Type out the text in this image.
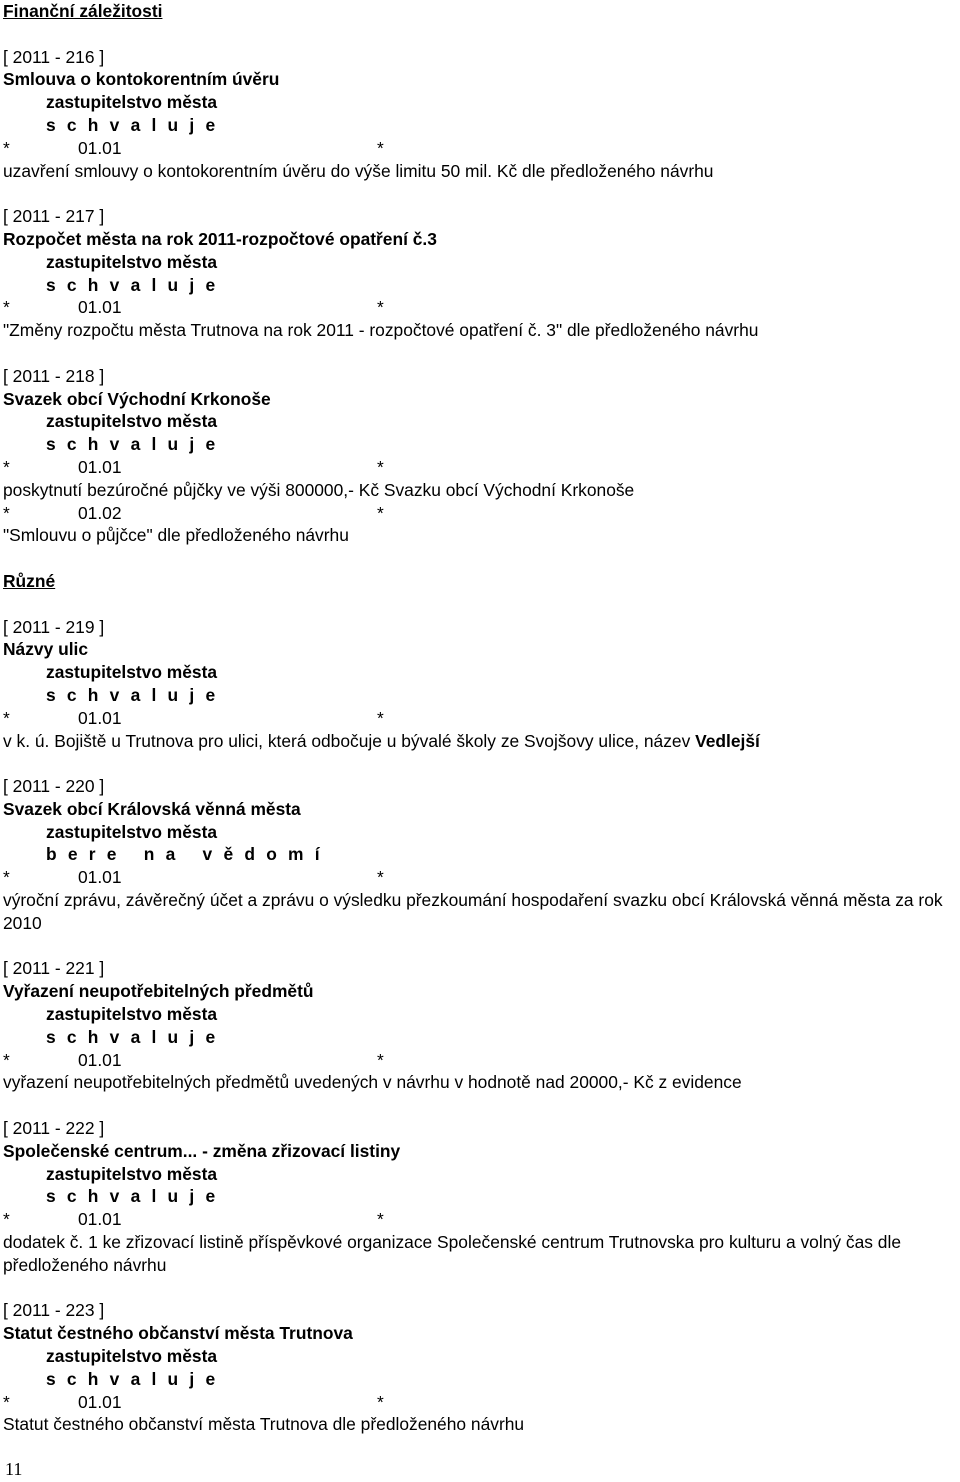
Finanční záležitosti
[ 2011 - 216 ]
Smlouva o kontokorentním úvěru
zastupitelstvo města
s c h v a l u j e
*	01.01	*
uzavření smlouvy o kontokorentním úvěru do výše limitu 50 mil. Kč dle předloženého návrhu
[ 2011 - 217 ]
Rozpočet města na rok 2011-rozpočtové opatření č.3
zastupitelstvo města
s c h v a l u j e
*	01.01	*
"Změny rozpočtu města Trutnova na rok 2011 - rozpočtové opatření č. 3" dle předloženého návrhu
[ 2011 - 218 ]
Svazek obcí Východní Krkonoše
zastupitelstvo města
s c h v a l u j e
*	01.01	*
poskytnutí bezúročné půjčky ve výši 800000,- Kč Svazku obcí Východní Krkonoše
*	01.02	*
"Smlouvu o půjčce" dle předloženého návrhu
Různé
[ 2011 - 219 ]
Názvy ulic
zastupitelstvo města
s c h v a l u j e
*	01.01	*
v k. ú. Bojiště u Trutnova pro ulici, která odbočuje u bývalé školy ze Svojšovy ulice, název Vedlejší
[ 2011 - 220 ]
Svazek obcí Královská věnná města
zastupitelstvo města
b e r e   n a   v ě d o m í
*	01.01	*
výroční zprávu, závěrečný účet a zprávu o výsledku přezkoumání hospodaření svazku obcí Královská věnná města za rok 2010
[ 2011 - 221 ]
Vyřazení neupotřebitelných předmětů
zastupitelstvo města
s c h v a l u j e
*	01.01	*
vyřazení neupotřebitelných předmětů uvedených v návrhu v hodnotě nad 20000,- Kč z evidence
[ 2011 - 222 ]
Společenské centrum... - změna zřizovací listiny
zastupitelstvo města
s c h v a l u j e
*	01.01	*
dodatek č. 1 ke zřizovací listině příspěvkové organizace Společenské centrum Trutnovska pro kulturu a volný čas dle předloženého návrhu
[ 2011 - 223 ]
Statut čestného občanství města Trutnova
zastupitelstvo města
s c h v a l u j e
*	01.01	*
Statut čestného občanství města Trutnova dle předloženého návrhu
11
